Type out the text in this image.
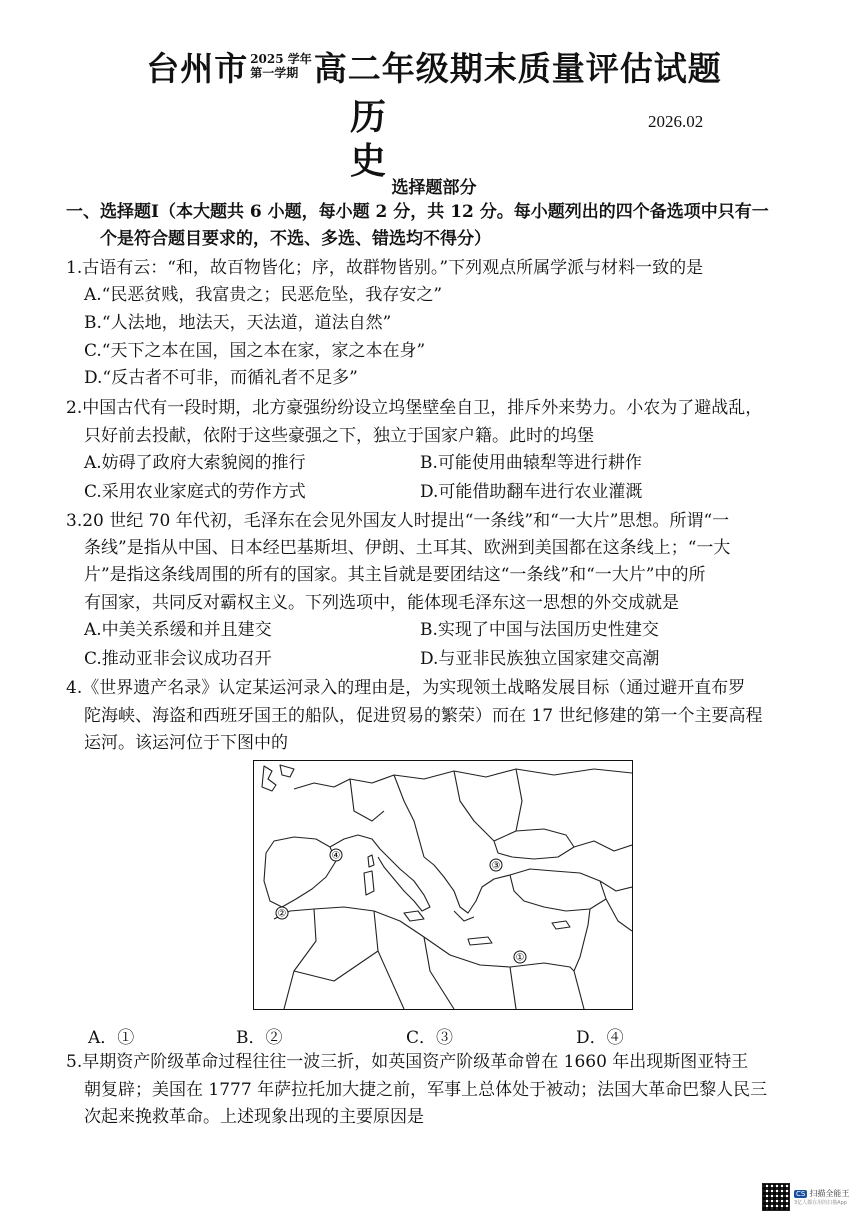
台州市 2025 学年
第一学期 高二年级期末质量评估试题
历 史
2026.02
选择题部分
一、选择题Ⅰ（本大题共 6 小题，每小题 2 分，共 12 分。每小题列出的四个备选项中只有一
个是符合题目要求的，不选、多选、错选均不得分）
1.古语有云：“和，故百物皆化；序，故群物皆别。”下列观点所属学派与材料一致的是
A.“民恶贫贱，我富贵之；民恶危坠，我存安之”
B.“人法地，地法天，天法道，道法自然”
C.“天下之本在国，国之本在家，家之本在身”
D.“反古者不可非，而循礼者不足多”
2.中国古代有一段时期，北方豪强纷纷设立坞堡壁垒自卫，排斥外来势力。小农为了避战乱，
只好前去投献，依附于这些豪强之下，独立于国家户籍。此时的坞堡
A.妨碍了政府大索貌阅的推行	B.可能使用曲辕犁等进行耕作
C.采用农业家庭式的劳作方式	D.可能借助翻车进行农业灌溉
3.20 世纪 70 年代初，毛泽东在会见外国友人时提出“一条线”和“一大片”思想。所谓“一
条线”是指从中国、日本经巴基斯坦、伊朗、土耳其、欧洲到美国都在这条线上；“一大
片”是指这条线周围的所有的国家。其主旨就是要团结这“一条线”和“一大片”中的所
有国家，共同反对霸权主义。下列选项中，能体现毛泽东这一思想的外交成就是
A.中美关系缓和并且建交	B.实现了中国与法国历史性建交
C.推动亚非会议成功召开	D.与亚非民族独立国家建交高潮
4.《世界遗产名录》认定某运河录入的理由是，为实现领土战略发展目标（通过避开直布罗
陀海峡、海盗和西班牙国王的船队，促进贸易的繁荣）而在 17 世纪修建的第一个主要高程
运河。该运河位于下图中的
①
②
③
④
A．①	B．②	C．③	D．④
5.早期资产阶级革命过程往往一波三折，如英国资产阶级革命曾在 1660 年出现斯图亚特王
朝复辟；美国在 1777 年萨拉托加大捷之前，军事上总体处于被动；法国大革命巴黎人民三
次起来挽救革命。上述现象出现的主要原因是
CS 扫描全能王
3亿人都在用的扫描App
